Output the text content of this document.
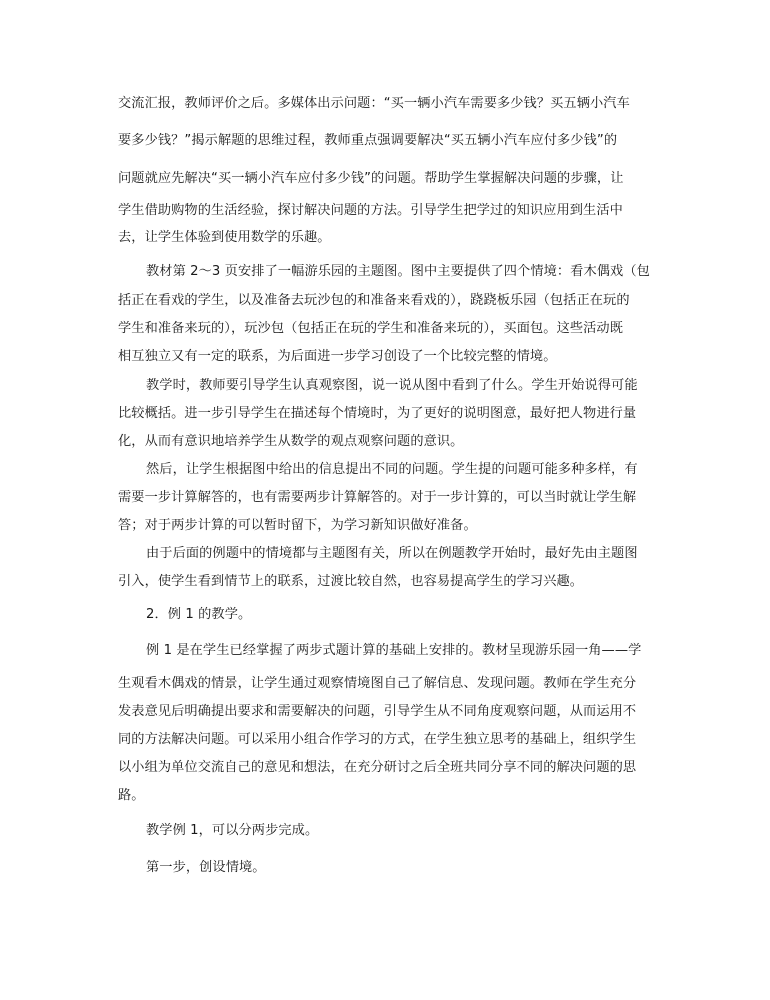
交流汇报，教师评价之后。多媒体出示问题：“买一辆小汽车需要多少钱？买五辆小汽车
要多少钱？”揭示解题的思维过程，教师重点强调要解决“买五辆小汽车应付多少钱”的
问题就应先解决“买一辆小汽车应付多少钱”的问题。帮助学生掌握解决问题的步骤，让
学生借助购物的生活经验，探讨解决问题的方法。引导学生把学过的知识应用到生活中
去，让学生体验到使用数学的乐趣。
教材第 2～3 页安排了一幅游乐园的主题图。图中主要提供了四个情境：看木偶戏（包
括正在看戏的学生，以及准备去玩沙包的和准备来看戏的），跷跷板乐园（包括正在玩的
学生和准备来玩的），玩沙包（包括正在玩的学生和准备来玩的），买面包。这些活动既
相互独立又有一定的联系，为后面进一步学习创设了一个比较完整的情境。
教学时，教师要引导学生认真观察图，说一说从图中看到了什么。学生开始说得可能
比较概括。进一步引导学生在描述每个情境时，为了更好的说明图意，最好把人物进行量
化，从而有意识地培养学生从数学的观点观察问题的意识。
然后，让学生根据图中给出的信息提出不同的问题。学生提的问题可能多种多样，有
需要一步计算解答的，也有需要两步计算解答的。对于一步计算的，可以当时就让学生解
答；对于两步计算的可以暂时留下，为学习新知识做好准备。
由于后面的例题中的情境都与主题图有关，所以在例题教学开始时，最好先由主题图
引入，使学生看到情节上的联系，过渡比较自然，也容易提高学生的学习兴趣。
2．例 1 的教学。
例 1 是在学生已经掌握了两步式题计算的基础上安排的。教材呈现游乐园一角——学
生观看木偶戏的情景，让学生通过观察情境图自己了解信息、发现问题。教师在学生充分
发表意见后明确提出要求和需要解决的问题，引导学生从不同角度观察问题，从而运用不
同的方法解决问题。可以采用小组合作学习的方式，在学生独立思考的基础上，组织学生
以小组为单位交流自己的意见和想法，在充分研讨之后全班共同分享不同的解决问题的思
路。
教学例 1，可以分两步完成。
第一步，创设情境。
